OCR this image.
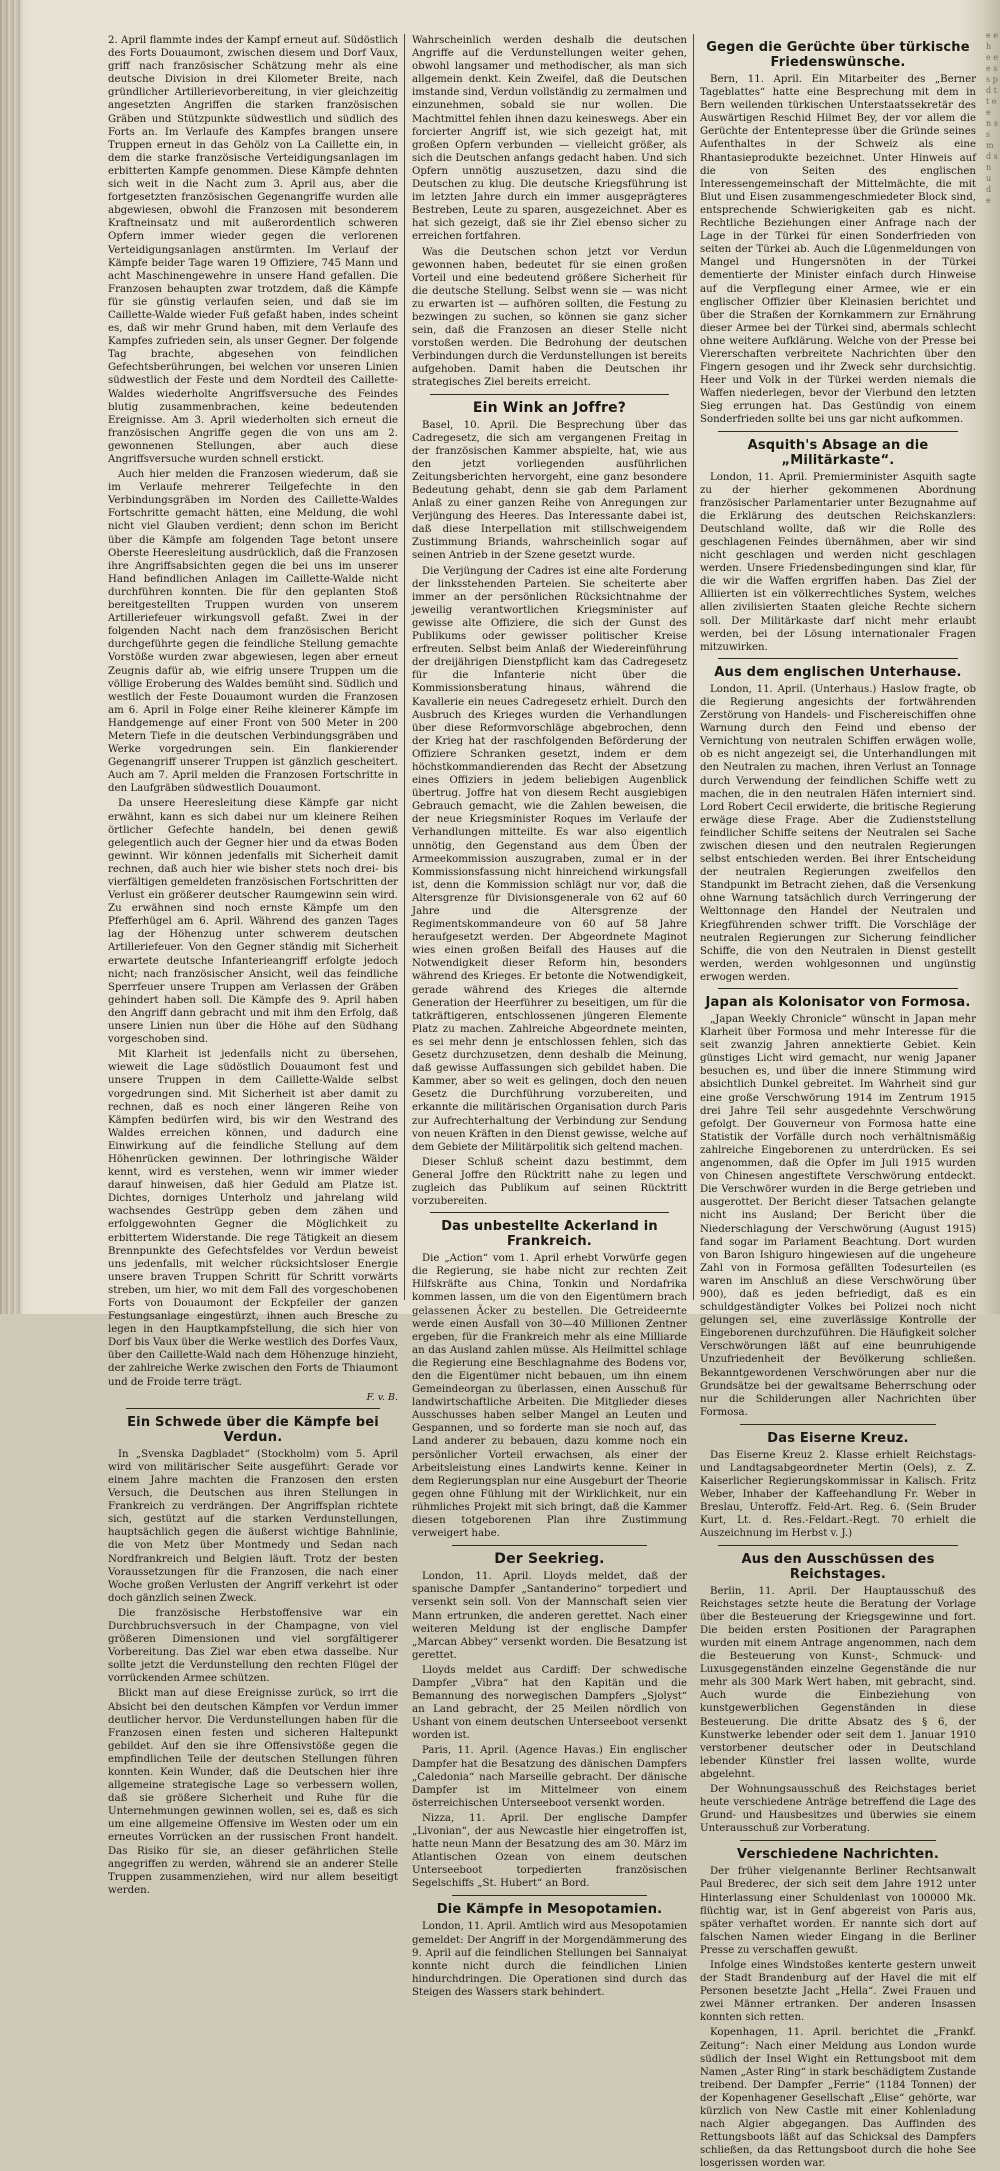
2. April flammte indes der Kampf erneut auf. Südöstlich des Forts Douaumont, zwischen diesem und Dorf Vaux, griff nach französischer Schätzung mehr als eine deutsche Division in drei Kilometer Breite, nach gründlicher Artillerievorbereitung, in vier gleichzeitig angesetzten Angriffen die starken französischen Gräben und Stützpunkte südwestlich und südlich des Forts an. Im Verlaufe des Kampfes brangen unsere Truppen erneut in das Gehölz von La Caillette ein, in dem die starke französische Verteidigungsanlagen im erbitterten Kampfe genommen. Diese Kämpfe dehnten sich weit in die Nacht zum 3. April aus, aber die fortgesetzten französischen Gegenangriffe wurden alle abgewiesen, obwohl die Franzosen mit besonderem Kraftneinsatz und mit außerordentlich schweren Opfern immer wieder gegen die verlorenen Verteidigungsanlagen anstürmten. Im Verlauf der Kämpfe beider Tage waren 19 Offiziere, 745 Mann und acht Maschinengewehre in unsere Hand gefallen. Die Franzosen behaupten zwar trotzdem, daß die Kämpfe für sie günstig verlaufen seien, und daß sie im Caillette-Walde wieder Fuß gefaßt haben, indes scheint es, daß wir mehr Grund haben, mit dem Verlaufe des Kampfes zufrieden sein, als unser Gegner. Der folgende Tag brachte, abgesehen von feindlichen Gefechtsberührungen, bei welchen vor unseren Linien südwestlich der Feste und dem Nordteil des Caillette-Waldes wiederholte Angriffsversuche des Feindes blutig zusammenbrachen, keine bedeutenden Ereignisse. Am 3. April wiederholten sich erneut die französischen Angriffe gegen die von uns am 2. gewonnenen Stellungen, aber auch diese Angriffsversuche wurden schnell erstickt.

Auch hier melden die Franzosen wiederum, daß sie im Verlaufe mehrerer Teilgefechte in den Verbindungsgräben im Norden des Caillette-Waldes Fortschritte gemacht hätten, eine Meldung, die wohl nicht viel Glauben verdient; denn schon im Bericht über die Kämpfe am folgenden Tage betont unsere Oberste Heeresleitung ausdrücklich, daß die Franzosen ihre Angriffsabsichten gegen die bei uns im unserer Hand befindlichen Anlagen im Caillette-Walde nicht durchführen konnten. Die für den geplanten Stoß bereitgestellten Truppen wurden von unserem Artilleriefeuer wirkungsvoll gefaßt. Zwei in der folgenden Nacht nach dem französischen Bericht durchgeführte gegen die feindliche Stellung gemachte Vorstöße wurden zwar abgewiesen, legen aber erneut Zeugnis dafür ab, wie eifrig unsere Truppen um die völlige Eroberung des Waldes bemüht sind. Südlich und westlich der Feste Douaumont wurden die Franzosen am 6. April in Folge einer Reihe kleinerer Kämpfe im Handgemenge auf einer Front von 500 Meter in 200 Metern Tiefe in die deutschen Verbindungsgräben und Werke vorgedrungen sein. Ein flankierender Gegenangriff unserer Truppen ist gänzlich gescheitert. Auch am 7. April melden die Franzosen Fortschritte in den Laufgräben südwestlich Douaumont.

Da unsere Heeresleitung diese Kämpfe gar nicht erwähnt, kann es sich dabei nur um kleinere Reihen örtlicher Gefechte handeln, bei denen gewiß gelegentlich auch der Gegner hier und da etwas Boden gewinnt. Wir können jedenfalls mit Sicherheit damit rechnen, daß auch hier wie bisher stets noch drei- bis vierfältigen gemeldeten französischen Fortschritten der Verlust ein größerer deutscher Raumgewinn sein wird. Zu erwähnen sind noch ernste Kämpfe um den Pfefferhügel am 6. April. Während des ganzen Tages lag der Höhenzug unter schwerem deutschen Artilleriefeuer. Von den Gegner ständig mit Sicherheit erwartete deutsche Infanterieangriff erfolgte jedoch nicht; nach französischer Ansicht, weil das feindliche Sperrfeuer unsere Truppen am Verlassen der Gräben gehindert haben soll. Die Kämpfe des 9. April haben den Angriff dann gebracht und mit ihm den Erfolg, daß unsere Linien nun über die Höhe auf den Südhang vorgeschoben sind.

Mit Klarheit ist jedenfalls nicht zu übersehen, wieweit die Lage südöstlich Douaumont fest und unsere Truppen in dem Caillette-Walde selbst vorgedrungen sind. Mit Sicherheit ist aber damit zu rechnen, daß es noch einer längeren Reihe von Kämpfen bedürfen wird, bis wir den Westrand des Waldes erreichen können, und dadurch eine Einwirkung auf die feindliche Stellung auf dem Höhenrücken gewinnen. Der lothringische Wälder kennt, wird es verstehen, wenn wir immer wieder darauf hinweisen, daß hier Geduld am Platze ist. Dichtes, dorniges Unterholz und jahrelang wild wachsendes Gestrüpp geben dem zähen und erfolggewohnten Gegner die Möglichkeit zu erbittertem Widerstande. Die rege Tätigkeit an diesem Brennpunkte des Gefechtsfeldes vor Verdun beweist uns jedenfalls, mit welcher rücksichtsloser Energie unsere braven Truppen Schritt für Schritt vorwärts streben, um hier, wo mit dem Fall des vorgeschobenen Forts von Douaumont der Eckpfeiler der ganzen Festungsanlage eingestürzt, ihnen auch Bresche zu legen in den Hauptkampfstellung, die sich hier von Dorf bis Vaux über die Werke westlich des Dorfes Vaux, über den Caillette-Wald nach dem Höhenzuge hinzieht, der zahlreiche Werke zwischen den Forts de Thiaumont und de Froide terre trägt.

F. v. B.
Ein Schwede über die Kämpfe bei Verdun.

In „Svenska Dagbladet“ (Stockholm) vom 5. April wird von militärischer Seite ausgeführt: Gerade vor einem Jahre machten die Franzosen den ersten Versuch, die Deutschen aus ihren Stellungen in Frankreich zu verdrängen. Der Angriffsplan richtete sich, gestützt auf die starken Verdunstellungen, hauptsächlich gegen die äußerst wichtige Bahnlinie, die von Metz über Montmedy und Sedan nach Nordfrankreich und Belgien läuft. Trotz der besten Voraussetzungen für die Franzosen, die nach einer Woche großen Verlusten der Angriff verkehrt ist oder doch gänzlich seinen Zweck.

Die französische Herbstoffensive war ein Durchbruchsversuch in der Champagne, von viel größeren Dimensionen und viel sorgfältigerer Vorbereitung. Das Ziel war eben etwa dasselbe. Nur sollte jetzt die Verdunstellung den rechten Flügel der vorrückenden Armee schützen.

Blickt man auf diese Ereignisse zurück, so irrt die Absicht bei den deutschen Kämpfen vor Verdun immer deutlicher hervor. Die Verdunstellungen haben für die Franzosen einen festen und sicheren Haltepunkt gebildet. Auf den sie ihre Offensivstöße gegen die empfindlichen Teile der deutschen Stellungen führen konnten. Kein Wunder, daß die Deutschen hier ihre allgemeine strategische Lage so verbessern wollen, daß sie größere Sicherheit und Ruhe für die Unternehmungen gewinnen wollen, sei es, daß es sich um eine allgemeine Offensive im Westen oder um ein erneutes Vorrücken an der russischen Front handelt. Das Risiko für sie, an dieser gefährlichen Stelle angegriffen zu werden, während sie an anderer Stelle Truppen zusammenziehen, wird nur allem beseitigt werden.

Wahrscheinlich werden deshalb die deutschen Angriffe auf die Verdunstellungen weiter gehen, obwohl langsamer und methodischer, als man sich allgemein denkt. Kein Zweifel, daß die Deutschen imstande sind, Verdun vollständig zu zermalmen und einzunehmen, sobald sie nur wollen. Die Machtmittel fehlen ihnen dazu keineswegs. Aber ein forcierter Angriff ist, wie sich gezeigt hat, mit großen Opfern verbunden — vielleicht größer, als sich die Deutschen anfangs gedacht haben. Und sich Opfern unnötig auszusetzen, dazu sind die Deutschen zu klug. Die deutsche Kriegsführung ist im letzten Jahre durch ein immer ausgeprägteres Bestreben, Leute zu sparen, ausgezeichnet. Aber es hat sich gezeigt, daß sie ihr Ziel ebenso sicher zu erreichen fortfahren.

Was die Deutschen schon jetzt vor Verdun gewonnen haben, bedeutet für sie einen großen Vorteil und eine bedeutend größere Sicherheit für die deutsche Stellung. Selbst wenn sie — was nicht zu erwarten ist — aufhören sollten, die Festung zu bezwingen zu suchen, so können sie ganz sicher sein, daß die Franzosen an dieser Stelle nicht vorstoßen werden. Die Bedrohung der deutschen Verbindungen durch die Verdunstellungen ist bereits aufgehoben. Damit haben die Deutschen ihr strategisches Ziel bereits erreicht.

Ein Wink an Joffre?

Basel, 10. April. Die Besprechung über das Cadregesetz, die sich am vergangenen Freitag in der französischen Kammer abspielte, hat, wie aus den jetzt vorliegenden ausführlichen Zeitungsberichten hervorgeht, eine ganz besondere Bedeutung gehabt, denn sie gab dem Parlament Anlaß zu einer ganzen Reihe von Anregungen zur Verjüngung des Heeres. Das Interessante dabei ist, daß diese Interpellation mit stillschweigendem Zustimmung Briands, wahrscheinlich sogar auf seinen Antrieb in der Szene gesetzt wurde.

Die Verjüngung der Cadres ist eine alte Forderung der linksstehenden Parteien. Sie scheiterte aber immer an der persönlichen Rücksichtnahme der jeweilig verantwortlichen Kriegsminister auf gewisse alte Offiziere, die sich der Gunst des Publikums oder gewisser politischer Kreise erfreuten. Selbst beim Anlaß der Wiedereinführung der dreijährigen Dienstpflicht kam das Cadregesetz für die Infanterie nicht über die Kommissionsberatung hinaus, während die Kavallerie ein neues Cadregesetz erhielt. Durch den Ausbruch des Krieges wurden die Verhandlungen über diese Reformvorschläge abgebrochen, denn der Krieg hat der raschfolgenden Beförderung der Offiziere Schranken gesetzt, indem er dem höchstkommandierenden das Recht der Absetzung eines Offiziers in jedem beliebigen Augenblick übertrug. Joffre hat von diesem Recht ausgiebigen Gebrauch gemacht, wie die Zahlen beweisen, die der neue Kriegsminister Roques im Verlaufe der Verhandlungen mitteilte. Es war also eigentlich unnötig, den Gegenstand aus dem Üben der Armeekommission auszugraben, zumal er in der Kommissionsfassung nicht hinreichend wirkungsfall ist, denn die Kommission schlägt nur vor, daß die Altersgrenze für Divisionsgenerale von 62 auf 60 Jahre und die Altersgrenze der Regimentskommandeure von 60 auf 58 Jahre heraufgesetzt werden. Der Abgeordnete Maginot wies einen großen Beifall des Hauses auf die Notwendigkeit dieser Reform hin, besonders während des Krieges. Er betonte die Notwendigkeit, gerade während des Krieges die alternde Generation der Heerführer zu beseitigen, um für die tatkräftigeren, entschlossenen jüngeren Elemente Platz zu machen. Zahlreiche Abgeordnete meinten, es sei mehr denn je entschlossen fehlen, sich das Gesetz durchzusetzen, denn deshalb die Meinung, daß gewisse Auffassungen sich gebildet haben. Die Kammer, aber so weit es gelingen, doch den neuen Gesetz die Durchführung vorzubereiten, und erkannte die militärischen Organisation durch Paris zur Aufrechterhaltung der Verbindung zur Sendung von neuen Kräften in den Dienst gewisse, welche auf dem Gebiete der Militärpolitik sich geltend machen.

Dieser Schluß scheint dazu bestimmt, dem General Joffre den Rücktritt nahe zu legen und zugleich das Publikum auf seinen Rücktritt vorzubereiten.

Das unbestellte Ackerland in Frankreich.

Die „Action“ vom 1. April erhebt Vorwürfe gegen die Regierung, sie habe nicht zur rechten Zeit Hilfskräfte aus China, Tonkin und Nordafrika kommen lassen, um die von den Eigentümern brach gelassenen Äcker zu bestellen. Die Getreideernte werde einen Ausfall von 30—40 Millionen Zentner ergeben, für die Frankreich mehr als eine Milliarde an das Ausland zahlen müsse. Als Heilmittel schlage die Regierung eine Beschlagnahme des Bodens vor, den die Eigentümer nicht bebauen, um ihn einem Gemeindeorgan zu überlassen, einen Ausschuß für landwirtschaftliche Arbeiten. Die Mitglieder dieses Ausschusses haben selber Mangel an Leuten und Gespannen, und so forderte man sie noch auf, das Land anderer zu bebauen, dazu komme noch ein persönlicher Vorteil erwachsen, als einer der Arbeitsleistung eines Landwirts kenne. Keiner in dem Regierungsplan nur eine Ausgeburt der Theorie gegen ohne Fühlung mit der Wirklichkeit, nur ein rühmliches Projekt mit sich bringt, daß die Kammer diesen totgeborenen Plan ihre Zustimmung verweigert habe.

Der Seekrieg.

London, 11. April. Lloyds meldet, daß der spanische Dampfer „Santanderino“ torpediert und versenkt sein soll. Von der Mannschaft seien vier Mann ertrunken, die anderen gerettet. Nach einer weiteren Meldung ist der englische Dampfer „Marcan Abbey“ versenkt worden. Die Besatzung ist gerettet.

Lloyds meldet aus Cardiff: Der schwedische Dampfer „Vibra“ hat den Kapitän und die Bemannung des norwegischen Dampfers „Sjolyst“ an Land gebracht, der 25 Meilen nördlich von Ushant von einem deutschen Unterseeboot versenkt worden ist.

Paris, 11. April. (Agence Havas.) Ein englischer Dampfer hat die Besatzung des dänischen Dampfers „Caledonia“ nach Marseille gebracht. Der dänische Dampfer ist im Mittelmeer von einem österreichischen Unterseeboot versenkt worden.

Nizza, 11. April. Der englische Dampfer „Livonian“, der aus Newcastle hier eingetroffen ist, hatte neun Mann der Besatzung des am 30. März im Atlantischen Ozean von einem deutschen Unterseeboot torpedierten französischen Segelschiffs „St. Hubert“ an Bord.

Die Kämpfe in Mesopotamien.

London, 11. April. Amtlich wird aus Mesopotamien gemeldet: Der Angriff in der Morgendämmerung des 9. April auf die feindlichen Stellungen bei Sannaiyat konnte nicht durch die feindlichen Linien hindurchdringen. Die Operationen sind durch das Steigen des Wassers stark behindert.

Gegen die Gerüchte über türkische Friedenswünsche.

Bern, 11. April. Ein Mitarbeiter des „Berner Tageblattes“ hatte eine Besprechung mit dem in Bern weilenden türkischen Unterstaatssekretär des Auswärtigen Reschid Hilmet Bey, der vor allem die Gerüchte der Ententepresse über die Gründe seines Aufenthaltes in der Schweiz als eine Rhantasieprodukte bezeichnet. Unter Hinweis auf die von Seiten des englischen Interessengemeinschaft der Mittelmächte, die mit Blut und Eisen zusammengeschmiedeter Block sind, entsprechende Schwierigkeiten gab es nicht. Rechtliche Beziehungen einer Anfrage nach der Lage in der Türkei für einen Sonderfrieden von seiten der Türkei ab. Auch die Lügenmeldungen von Mangel und Hungersnöten in der Türkei dementierte der Minister einfach durch Hinweise auf die Verpflegung einer Armee, wie er ein englischer Offizier über Kleinasien berichtet und über die Straßen der Kornkammern zur Ernährung dieser Armee bei der Türkei sind, abermals schlecht ohne weitere Aufklärung. Welche von der Presse bei Viererschaften verbreitete Nachrichten über den Fingern gesogen und ihr Zweck sehr durchsichtig. Heer und Volk in der Türkei werden niemals die Waffen niederlegen, bevor der Vierbund den letzten Sieg errungen hat. Das Gestündig von einem Sonderfrieden sollte bei uns gar nicht aufkommen.

Asquith's Absage an die „Militärkaste“.

London, 11. April. Premierminister Asquith sagte zu der hierher gekommenen Abordnung französischer Parlamentarier unter Bezugnahme auf die Erklärung des deutschen Reichskanzlers: Deutschland wollte, daß wir die Rolle des geschlagenen Feindes übernähmen, aber wir sind nicht geschlagen und werden nicht geschlagen werden. Unsere Friedensbedingungen sind klar, für die wir die Waffen ergriffen haben. Das Ziel der Alliierten ist ein völkerrechtliches System, welches allen zivilisierten Staaten gleiche Rechte sichern soll. Der Militärkaste darf nicht mehr erlaubt werden, bei der Lösung internationaler Fragen mitzuwirken.

Aus dem englischen Unterhause.

London, 11. April. (Unterhaus.) Haslow fragte, ob die Regierung angesichts der fortwährenden Zerstörung von Handels- und Fischereischiffen ohne Warnung durch den Feind und ebenso der Vernichtung von neutralen Schiffen erwägen wolle, ob es nicht angezeigt sei, die Unterhandlungen mit den Neutralen zu machen, ihren Verlust an Tonnage durch Verwendung der feindlichen Schiffe wett zu machen, die in den neutralen Häfen interniert sind. Lord Robert Cecil erwiderte, die britische Regierung erwäge diese Frage. Aber die Zudienststellung feindlicher Schiffe seitens der Neutralen sei Sache zwischen diesen und den neutralen Regierungen selbst entschieden werden. Bei ihrer Entscheidung der neutralen Regierungen zweifellos den Standpunkt im Betracht ziehen, daß die Versenkung ohne Warnung tatsächlich durch Verringerung der Welttonnage den Handel der Neutralen und Kriegführenden schwer trifft. Die Vorschläge der neutralen Regierungen zur Sicherung feindlicher Schiffe, die von den Neutralen in Dienst gestellt werden, werden wohlgesonnen und ungünstig erwogen werden.

Japan als Kolonisator von Formosa.

„Japan Weekly Chronicle“ wünscht in Japan mehr Klarheit über Formosa und mehr Interesse für die seit zwanzig Jahren annektierte Gebiet. Kein günstiges Licht wird gemacht, nur wenig Japaner besuchen es, und über die innere Stimmung wird absichtlich Dunkel gebreitet. Im Wahrheit sind gur eine große Verschwörung 1914 im Zentrum 1915 drei Jahre Teil sehr ausgedehnte Verschwörung gefolgt. Der Gouverneur von Formosa hatte eine Statistik der Vorfälle durch noch verhältnismäßig zahlreiche Eingeborenen zu unterdrücken. Es sei angenommen, daß die Opfer im Juli 1915 wurden von Chinesen angestiftete Verschwörung entdeckt. Die Verschwörer wurden in die Berge getrieben und ausgerottet. Der Bericht dieser Tatsachen gelangte nicht ins Ausland; Der Bericht über die Niederschlagung der Verschwörung (August 1915) fand sogar im Parlament Beachtung. Dort wurden von Baron Ishiguro hingewiesen auf die ungeheure Zahl von in Formosa gefällten Todesurteilen (es waren im Anschluß an diese Verschwörung über 900), daß es jeden befriedigt, daß es ein schuldgeständigter Volkes bei Polizei noch nicht gelungen sei, eine zuverlässige Kontrolle der Eingeborenen durchzuführen. Die Häufigkeit solcher Verschwörungen läßt auf eine beunruhigende Unzufriedenheit der Bevölkerung schließen. Bekanntgewordenen Verschwörungen aber nur die Grundsätze bei der gewaltsame Beherrschung oder nur die Schilderungen aller Nachrichten über Formosa.

Das Eiserne Kreuz.

Das Eiserne Kreuz 2. Klasse erhielt Reichstags- und Landtagsabgeordneter Mertin (Oels), z. Z. Kaiserlicher Regierungskommissar in Kalisch. Fritz Weber, Inhaber der Kaffeehandlung Fr. Weber in Breslau, Unteroffz. Feld-Art. Reg. 6. (Sein Bruder Kurt, Lt. d. Res.-Feldart.-Regt. 70 erhielt die Auszeichnung im Herbst v. J.)

Aus den Ausschüssen des Reichstages.

Berlin, 11. April. Der Hauptausschuß des Reichstages setzte heute die Beratung der Vorlage über die Besteuerung der Kriegsgewinne und fort. Die beiden ersten Positionen der Paragraphen wurden mit einem Antrage angenommen, nach dem die Besteuerung von Kunst-, Schmuck- und Luxusgegenständen einzelne Gegenstände die nur mehr als 300 Mark Wert haben, mit gebracht, sind. Auch wurde die Einbeziehung von kunstgewerblichen Gegenständen in diese Besteuerung. Die dritte Absatz des § 6, der Kunstwerke lebender oder seit dem 1. Januar 1910 verstorbener deutscher oder in Deutschland lebender Künstler frei lassen wollte, wurde abgelehnt.

Der Wohnungsausschuß des Reichstages beriet heute verschiedene Anträge betreffend die Lage des Grund- und Hausbesitzes und überwies sie einem Unterausschuß zur Vorberatung.

Verschiedene Nachrichten.

Der früher vielgenannte Berliner Rechtsanwalt Paul Brederec, der sich seit dem Jahre 1912 unter Hinterlassung einer Schuldenlast von 100000 Mk. flüchtig war, ist in Genf abgereist von Paris aus, später verhaftet worden. Er nannte sich dort auf falschen Namen wieder Eingang in die Berliner Presse zu verschaffen gewußt.

Infolge eines Windstoßes kenterte gestern unweit der Stadt Brandenburg auf der Havel die mit elf Personen besetzte Jacht „Hella“. Zwei Frauen und zwei Männer ertranken. Der anderen Insassen konnten sich retten.

Kopenhagen, 11. April. berichtet die „Frankf. Zeitung“: Nach einer Meldung aus London wurde südlich der Insel Wight ein Rettungsboot mit dem Namen „Aster Ring“ in stark beschädigtem Zustande treibend. Der Dampfer „Ferrie“ (1184 Tonnen) der der Kopenhagener Gesellschaft „Elise“ gehörte, war kürzlich von New Castle mit einer Kohlenladung nach Algier abgegangen. Das Auffinden des Rettungsboots läßt auf das Schicksal des Dampfers schließen, da das Rettungsboot durch die hohe See losgerissen worden war.

e e h e e e s s p d t t e e n s s m d s n u d e
